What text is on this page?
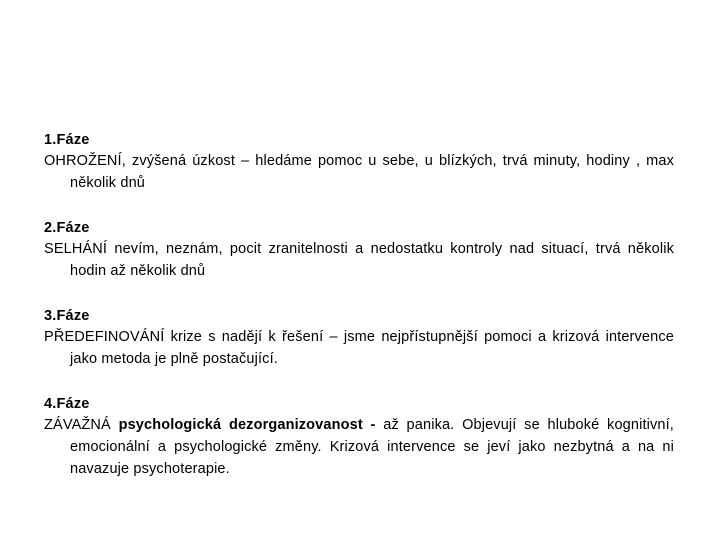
1.Fáze
OHROŽENÍ, zvýšená úzkost – hledáme pomoc u sebe, u blízkých, trvá minuty, hodiny , max několik dnů
2.Fáze
SELHÁNÍ nevím, neznám, pocit zranitelnosti a nedostatku kontroly nad situací, trvá několik hodin až několik dnů
3.Fáze
PŘEDEFINOVÁNÍ krize s nadějí k řešení – jsme nejpřístupnější pomoci a krizová intervence jako metoda je plně postačující.
4.Fáze
ZÁVAŽNÁ psychologická dezorganizovanost - až panika. Objevují se hluboké kognitivní, emocionální a psychologické změny. Krizová intervence se jeví jako nezbytná a na ni navazuje psychoterapie.
